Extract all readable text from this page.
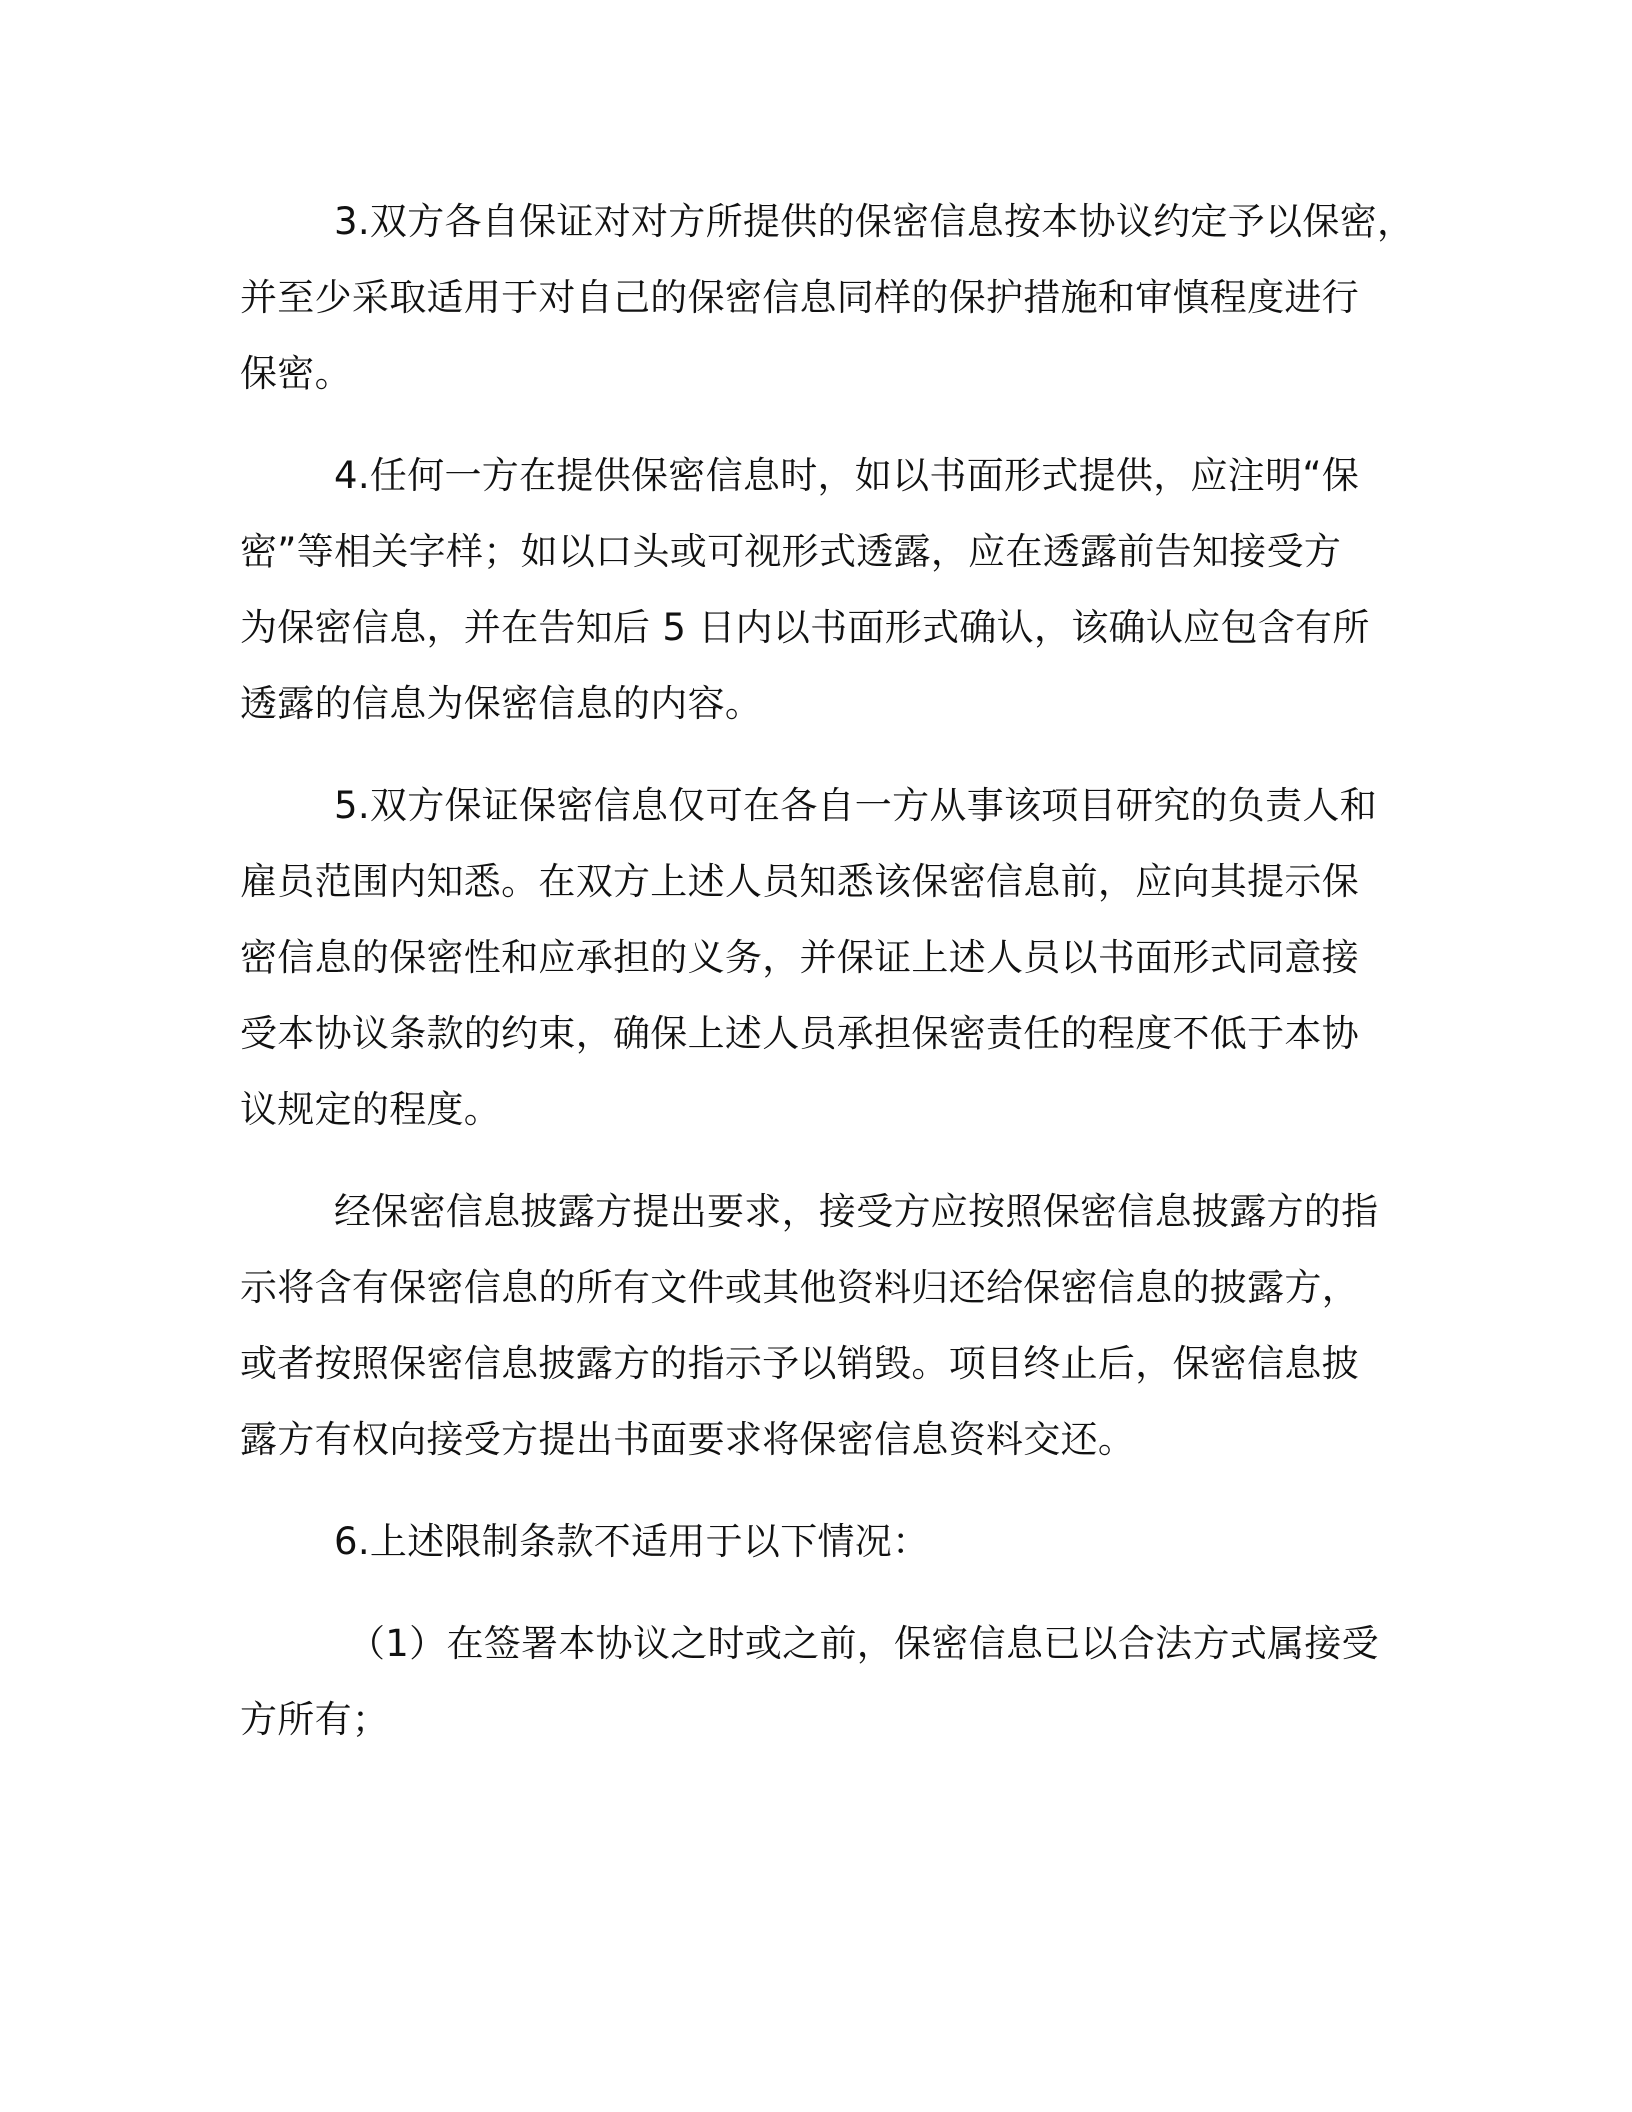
3.双方各自保证对对方所提供的保密信息按本协议约定予以保密，

并至少采取适用于对自己的保密信息同样的保护措施和审慎程度进行

保密。

4.任何一方在提供保密信息时，如以书面形式提供，应注明“保

密”等相关字样；如以口头或可视形式透露，应在透露前告知接受方

为保密信息，并在告知后 5 日内以书面形式确认，该确认应包含有所

透露的信息为保密信息的内容。

5.双方保证保密信息仅可在各自一方从事该项目研究的负责人和

雇员范围内知悉。在双方上述人员知悉该保密信息前，应向其提示保

密信息的保密性和应承担的义务，并保证上述人员以书面形式同意接

受本协议条款的约束，确保上述人员承担保密责任的程度不低于本协

议规定的程度。

经保密信息披露方提出要求，接受方应按照保密信息披露方的指

示将含有保密信息的所有文件或其他资料归还给保密信息的披露方，

或者按照保密信息披露方的指示予以销毁。项目终止后，保密信息披

露方有权向接受方提出书面要求将保密信息资料交还。

6.上述限制条款不适用于以下情况：

（1）在签署本协议之时或之前，保密信息已以合法方式属接受

方所有；
